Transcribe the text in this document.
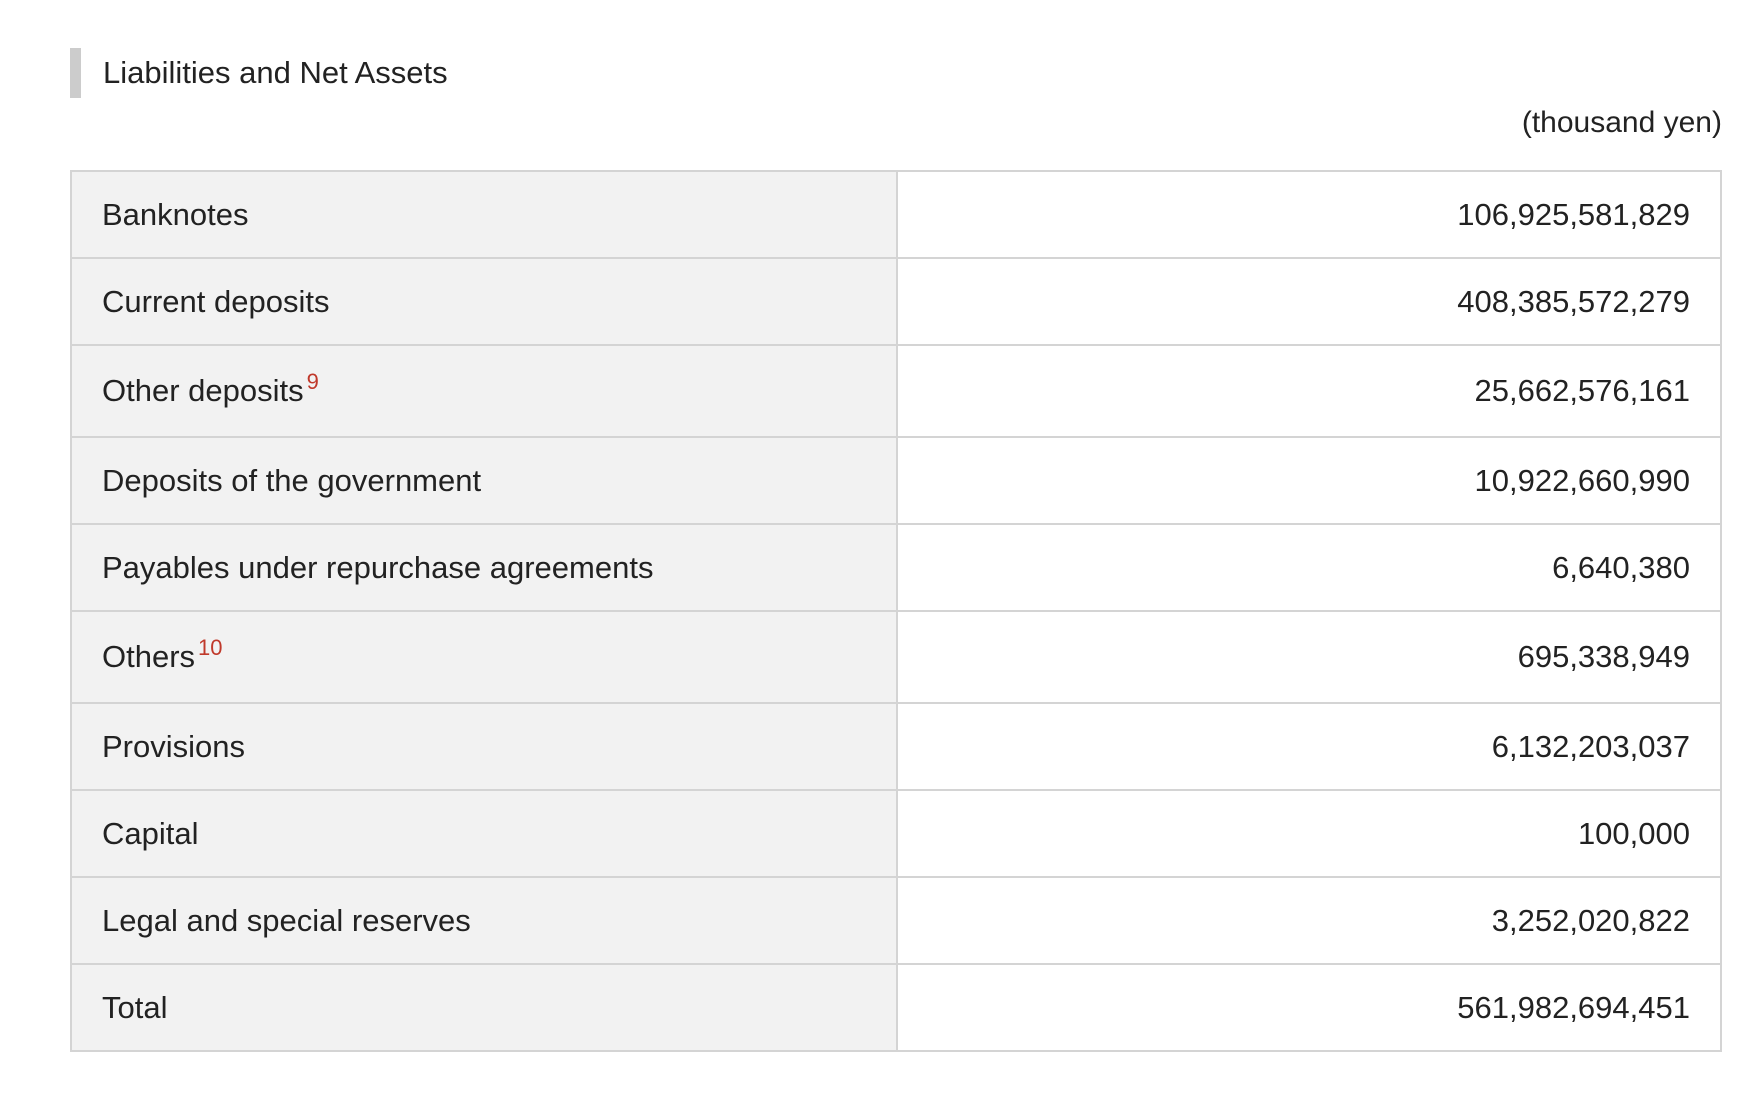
Liabilities and Net Assets
(thousand yen)
Banknotes	106,925,581,829
Current deposits	408,385,572,279
Other deposits $^9$	25,662,576,161
Deposits of the government	10,922,660,990
Payables under repurchase agreements	6,640,380
Others $^{10}$	695,338,949
Provisions	6,132,203,037
Capital	100,000
Legal and special reserves	3,252,020,822
Total	561,982,694,451
